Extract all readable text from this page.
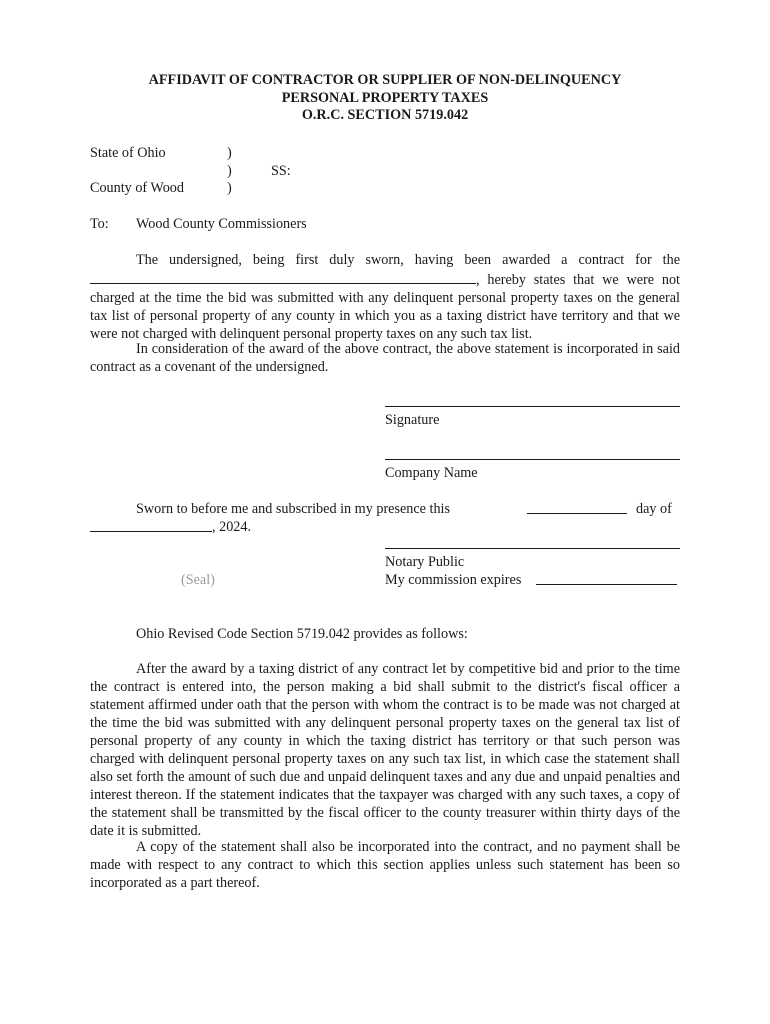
AFFIDAVIT OF CONTRACTOR OR SUPPLIER OF NON-DELINQUENCY
PERSONAL PROPERTY TAXES
O.R.C. SECTION 5719.042
State of Ohio	)
)	SS:
County of Wood	)
To: Wood County Commissioners
The undersigned, being first duly sworn, having been awarded a contract for the, hereby states that we were not charged at the time the bid was submitted with any delinquent personal property taxes on the general tax list of personal property of any county in which you as a taxing district have territory and that we were not charged with delinquent personal property taxes on any such tax list.
In consideration of the award of the above contract, the above statement is incorporated in said contract as a covenant of the undersigned.
Signature
Company Name
Sworn to before me and subscribed in my presence this	day of
, 2024.
Notary Public
(Seal)	My commission expires
Ohio Revised Code Section 5719.042 provides as follows:
After the award by a taxing district of any contract let by competitive bid and prior to the time the contract is entered into, the person making a bid shall submit to the district's fiscal officer a statement affirmed under oath that the person with whom the contract is to be made was not charged at the time the bid was submitted with any delinquent personal property taxes on the general tax list of personal property of any county in which the taxing district has territory or that such person was charged with delinquent personal property taxes on any such tax list, in which case the statement shall also set forth the amount of such due and unpaid delinquent taxes and any due and unpaid penalties and interest thereon. If the statement indicates that the taxpayer was charged with any such taxes, a copy of the statement shall be transmitted by the fiscal officer to the county treasurer within thirty days of the date it is submitted.
A copy of the statement shall also be incorporated into the contract, and no payment shall be made with respect to any contract to which this section applies unless such statement has been so incorporated as a part thereof.
